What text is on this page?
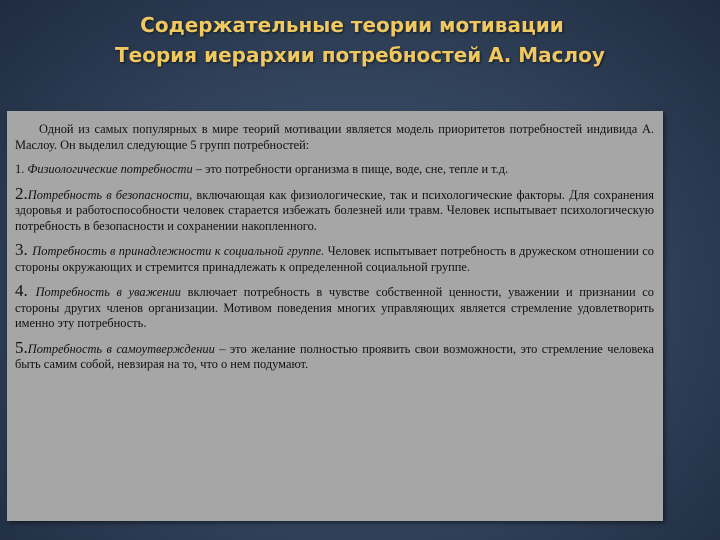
Содержательные теории мотивации
Теория иерархии потребностей А. Маслоу

Одной из самых популярных в мире теорий мотивации является модель приоритетов потребностей индивида А. Маслоу. Он выделил следующие 5 групп потребностей:

1. Физиологические потребности – это потребности организма в пище, воде, сне, тепле и т.д.

2.Потребность в безопасности, включающая как физиологические, так и психологические факторы. Для сохранения здоровья и работоспособности человек старается избежать болезней или травм. Человек испытывает психологическую потребность в безопасности и сохранении накопленного.

3. Потребность в принадлежности к социальной группе. Человек испытывает потребность в дружеском отношении со стороны окружающих и стремится принадлежать к определенной социальной группе.

4. Потребность в уважении включает потребность в чувстве собственной ценности, уважении и признании со стороны других членов организации. Мотивом поведения многих управляющих является стремление удовлетворить именно эту потребность.

5.Потребность в самоутверждении – это желание полностью проявить свои возможности, это стремление человека быть самим собой, невзирая на то, что о нем подумают.
